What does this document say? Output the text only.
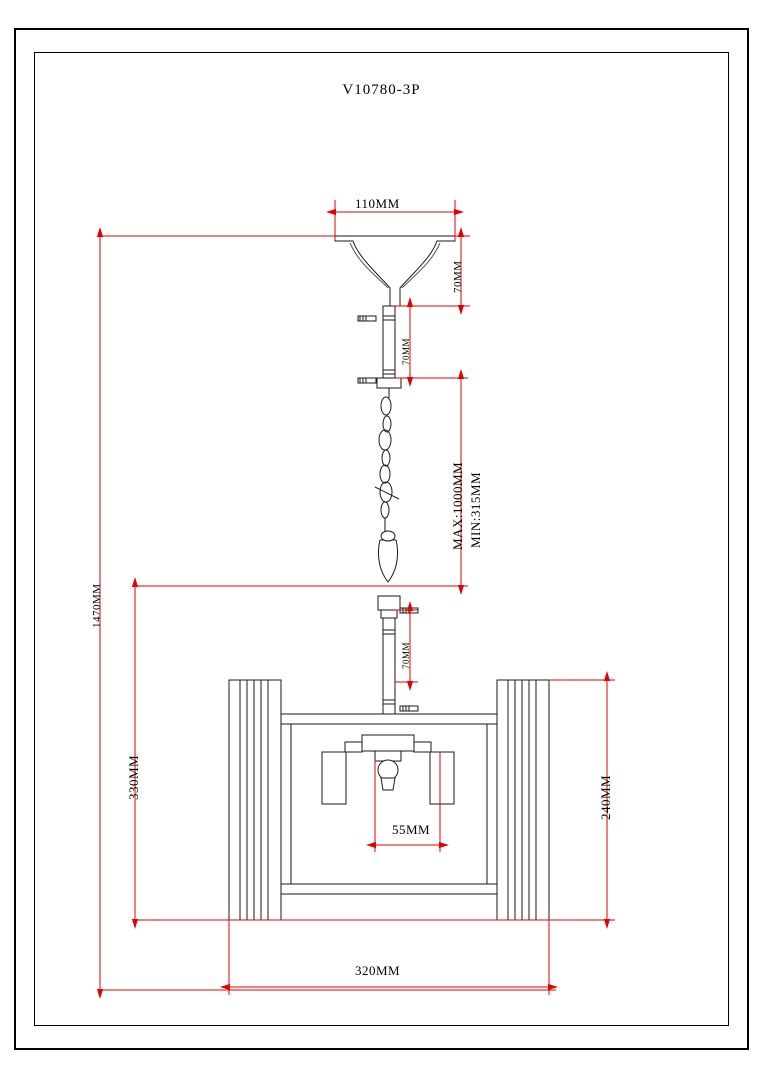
V10780-3P
110MM
70MM
70MM
MAX:1000MM MIN:315MM
1470MM
330MM
70MM
240MM
55MM
320MM
